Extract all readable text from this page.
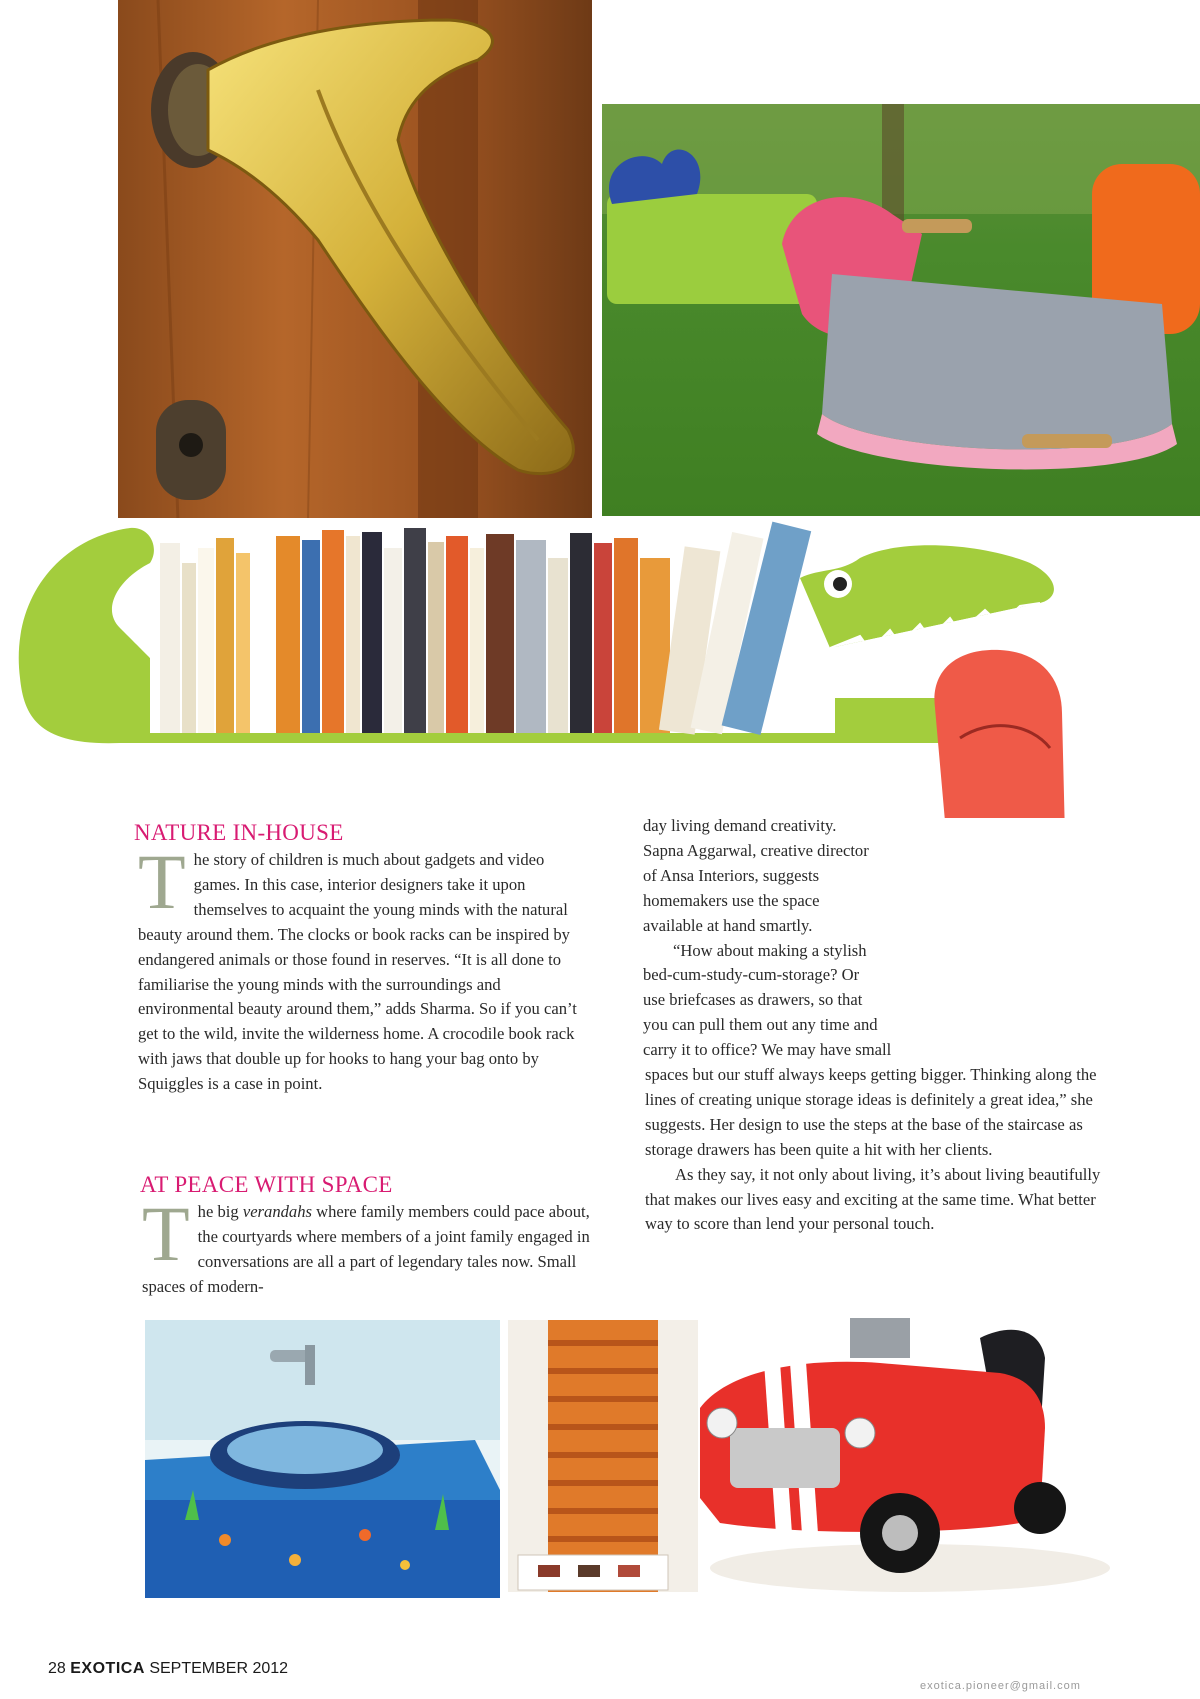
NATURE IN-HOUSE
The story of children is much about gadgets and video games. In this case, interior designers take it upon themselves to acquaint the young minds with the natural beauty around them. The clocks or book racks can be inspired by endangered animals or those found in reserves. “It is all done to familiarise the young minds with the surroundings and environmental beauty around them,” adds Sharma. So if you can’t get to the wild, invite the wilderness home. A crocodile book rack with jaws that double up for hooks to hang your bag onto by Squiggles is a case in point.
AT PEACE WITH SPACE
The big verandahs where family members could pace about, the courtyards where members of a joint family engaged in conversations are all a part of legendary tales now. Small spaces of modern-
day living demand creativity.
Sapna Aggarwal, creative director
of Ansa Interiors, suggests
homemakers use the space
available at hand smartly.
“How about making a stylish
bed-cum-study-cum-storage? Or
use briefcases as drawers, so that
you can pull them out any time and
carry it to office? We may have small

spaces but our stuff always keeps getting bigger. Thinking along the lines of creating unique storage ideas is definitely a great idea,” she suggests. Her design to use the steps at the base of the staircase as storage drawers has been quite a hit with her clients.

As they say, it not only about living, it’s about living beautifully that makes our lives easy and exciting at the same time. What better way to score than lend your personal touch.

28 EXOTICA SEPTEMBER 2012
exotica.pioneer@gmail.com
